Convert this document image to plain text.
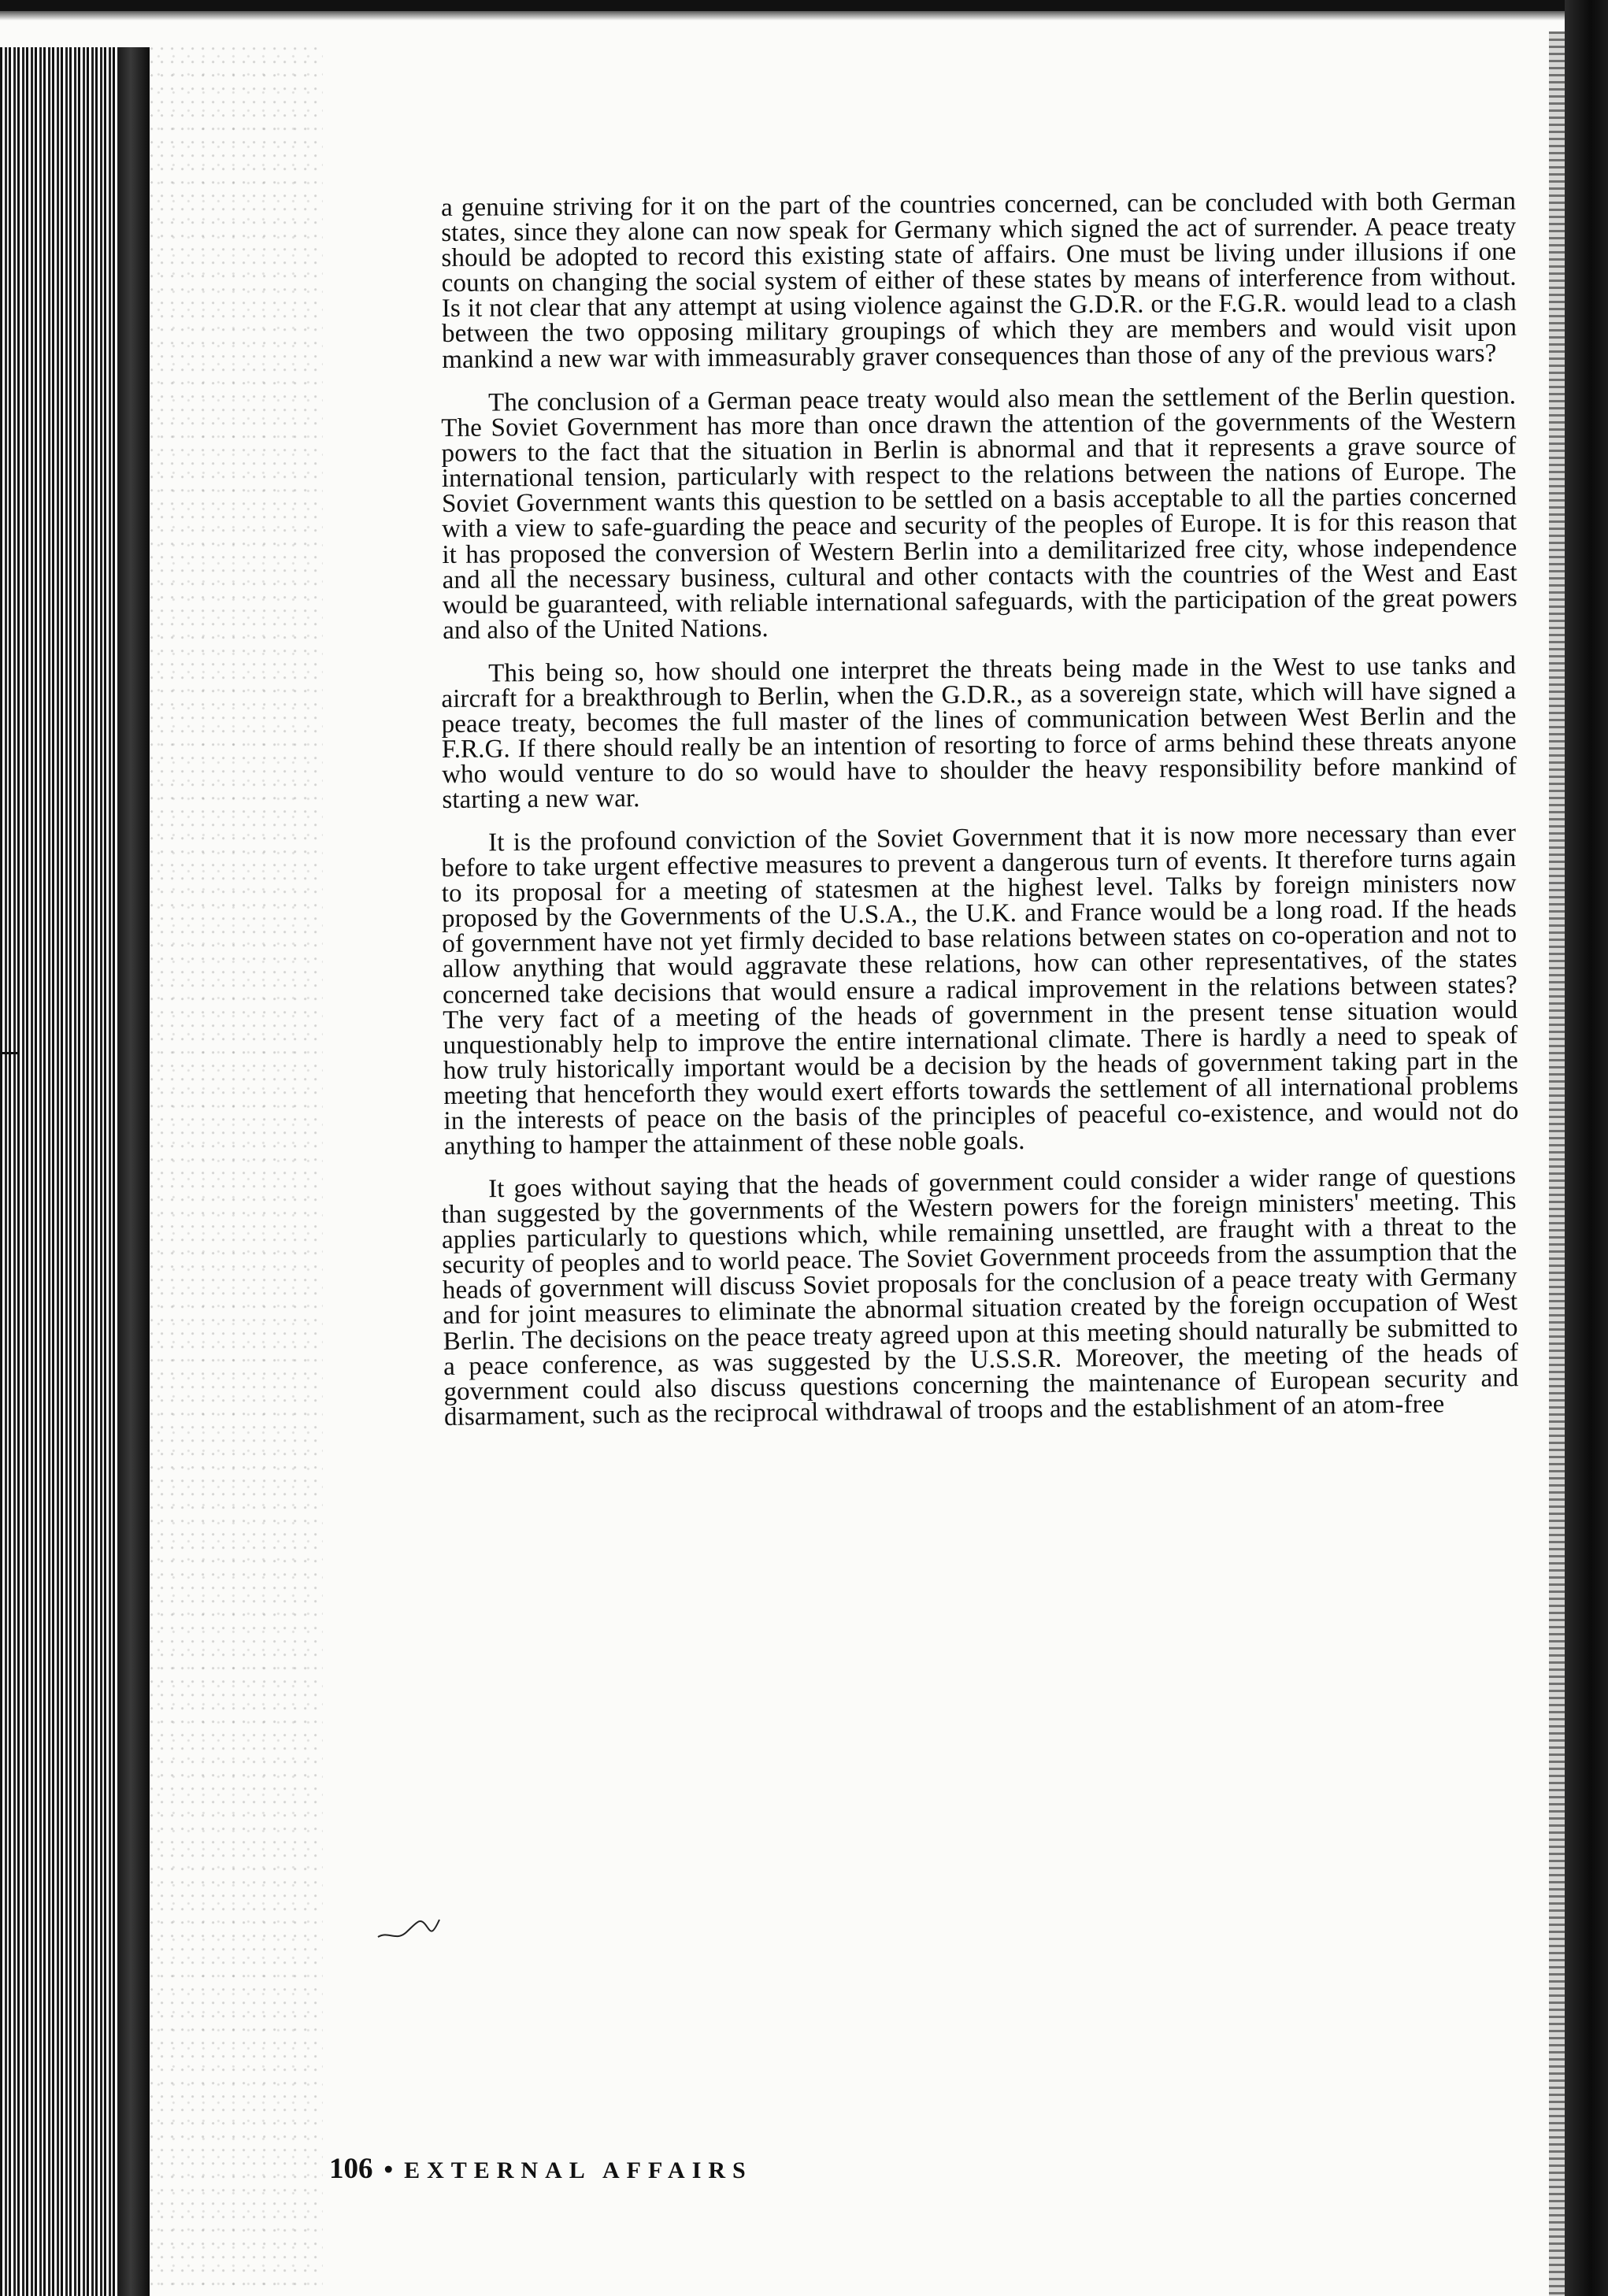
a genuine striving for it on the part of the countries concerned, can be concluded with both German states, since they alone can now speak for Germany which signed the act of surrender. A peace treaty should be adopted to record this existing state of affairs. One must be living under illusions if one counts on changing the social system of either of these states by means of interference from without. Is it not clear that any attempt at using violence against the G.D.R. or the F.G.R. would lead to a clash between the two opposing military groupings of which they are members and would visit upon mankind a new war with immeasurably graver consequences than those of any of the previous wars?

The conclusion of a German peace treaty would also mean the settlement of the Berlin question. The Soviet Government has more than once drawn the attention of the governments of the Western powers to the fact that the situation in Berlin is abnormal and that it represents a grave source of international tension, particularly with respect to the relations between the nations of Europe. The Soviet Government wants this question to be settled on a basis acceptable to all the parties concerned with a view to safe-guarding the peace and security of the peoples of Europe. It is for this reason that it has proposed the conversion of Western Berlin into a demilitarized free city, whose independence and all the necessary business, cultural and other contacts with the countries of the West and East would be guaranteed, with reliable international safeguards, with the participation of the great powers and also of the United Nations.

This being so, how should one interpret the threats being made in the West to use tanks and aircraft for a breakthrough to Berlin, when the G.D.R., as a sovereign state, which will have signed a peace treaty, becomes the full master of the lines of communication between West Berlin and the F.R.G. If there should really be an intention of resorting to force of arms behind these threats anyone who would venture to do so would have to shoulder the heavy responsibility before mankind of starting a new war.

It is the profound conviction of the Soviet Government that it is now more necessary than ever before to take urgent effective measures to prevent a dangerous turn of events. It therefore turns again to its proposal for a meeting of statesmen at the highest level. Talks by foreign ministers now proposed by the Governments of the U.S.A., the U.K. and France would be a long road. If the heads of government have not yet firmly decided to base relations between states on co-operation and not to allow anything that would aggravate these relations, how can other representatives, of the states concerned take decisions that would ensure a radical improvement in the relations between states? The very fact of a meeting of the heads of government in the present tense situation would unquestionably help to improve the entire international climate. There is hardly a need to speak of how truly historically important would be a decision by the heads of government taking part in the meeting that henceforth they would exert efforts towards the settlement of all international problems in the interests of peace on the basis of the principles of peaceful co-existence, and would not do anything to hamper the attainment of these noble goals.

It goes without saying that the heads of government could consider a wider range of questions than suggested by the governments of the Western powers for the foreign ministers' meeting. This applies particularly to questions which, while remaining unsettled, are fraught with a threat to the security of peoples and to world peace. The Soviet Government proceeds from the assumption that the heads of government will discuss Soviet proposals for the conclusion of a peace treaty with Germany and for joint measures to eliminate the abnormal situation created by the foreign occupation of West Berlin. The decisions on the peace treaty agreed upon at this meeting should naturally be submitted to a peace conference, as was suggested by the U.S.S.R. Moreover, the meeting of the heads of government could also discuss questions concerning the maintenance of European security and disarmament, such as the reciprocal withdrawal of troops and the establishment of an atom-free

106 • EXTERNAL AFFAIRS
